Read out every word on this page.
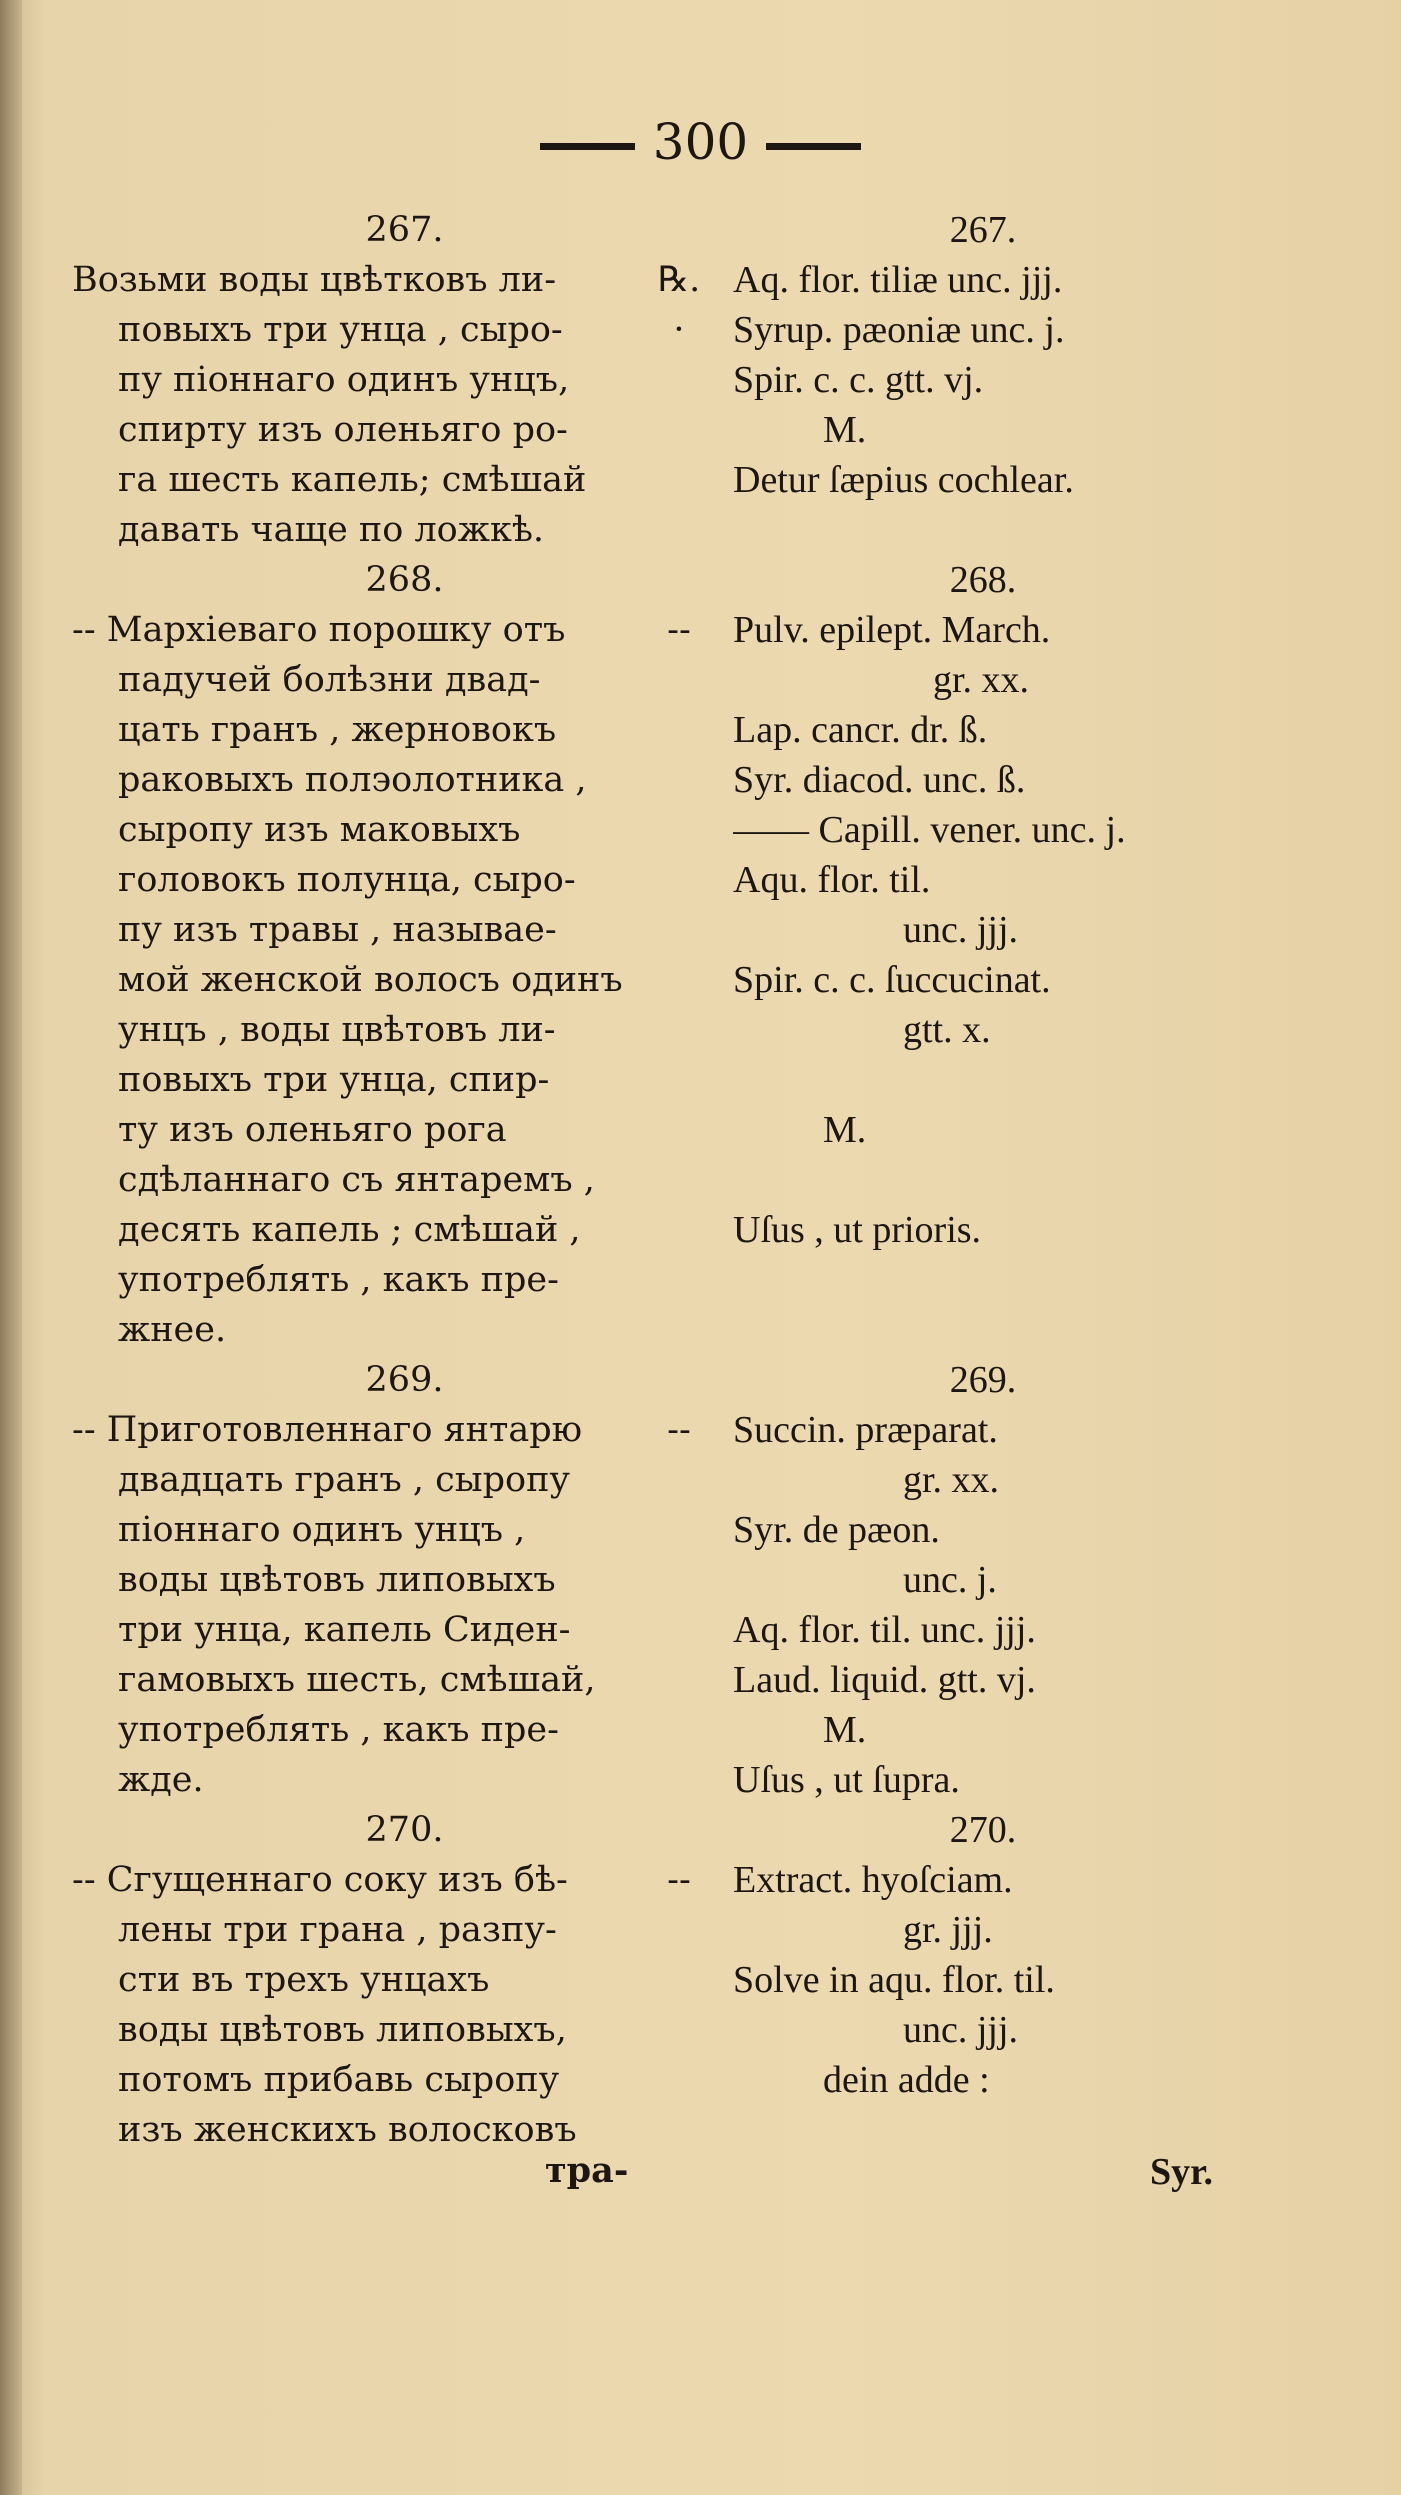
300
267.
Возьми воды цвѣтковъ ли-
повыхъ три унца , сыро-
пу піоннаго одинъ унцъ,
спирту изъ оленьяго ро-
га шесть капель; смѣшай
давать чаще по ложкѣ.
268.
-- Мархіеваго порошку отъ
падучей болѣзни двад-
цать гранъ , жерновокъ
раковыхъ полэолотника ,
сыропу изъ маковыхъ
головокъ полунца, сыро-
пу изъ травы , называе-
мой женской волосъ одинъ
унцъ , воды цвѣтовъ ли-
повыхъ три унца, спир-
ту изъ оленьяго рога
сдѣланнаго съ янтаремъ ,
десять капель ; смѣшай ,
употреблять , какъ пре-
жнее.
269.
-- Приготовленнаго янтарю
двадцать гранъ , сыропу
піоннаго одинъ унцъ ,
воды цвѣтовъ липовыхъ
три унца, капель Сиден-
гамовыхъ шесть, смѣшай,
употреблять , какъ пре-
жде.
270.
-- Сгущеннаго соку изъ бѣ-
лены три грана , разпу-
сти въ трехъ унцахъ
воды цвѣтовъ липовыхъ,
потомъ прибавь сыропу
изъ женскихъ волосковъ
℞.
·
--
--
--
267.
Aq. flor. tiliæ unc. jjj.
Syrup. pæoniæ unc. j.
Spir. c. c. gtt. vj.
M.
Detur ſæpius cochlear.
268.
Pulv. epilept. March.
gr. xx.
Lap. cancr. dr. ß.
Syr. diacod. unc. ß.
—— Capill. vener. unc. j.
Aqu. flor. til.
unc. jjj.
Spir. c. c. ſuccucinat.
gtt. x.
M.
Uſus , ut prioris.
269.
Succin. præparat.
gr. xx.
Syr. de pæon.
unc. j.
Aq. flor. til. unc. jjj.
Laud. liquid. gtt. vj.
M.
Uſus , ut ſupra.
270.
Extract. hyoſciam.
gr. jjj.
Solve in aqu. flor. til.
unc. jjj.
dein adde :
тра-	Syr.
